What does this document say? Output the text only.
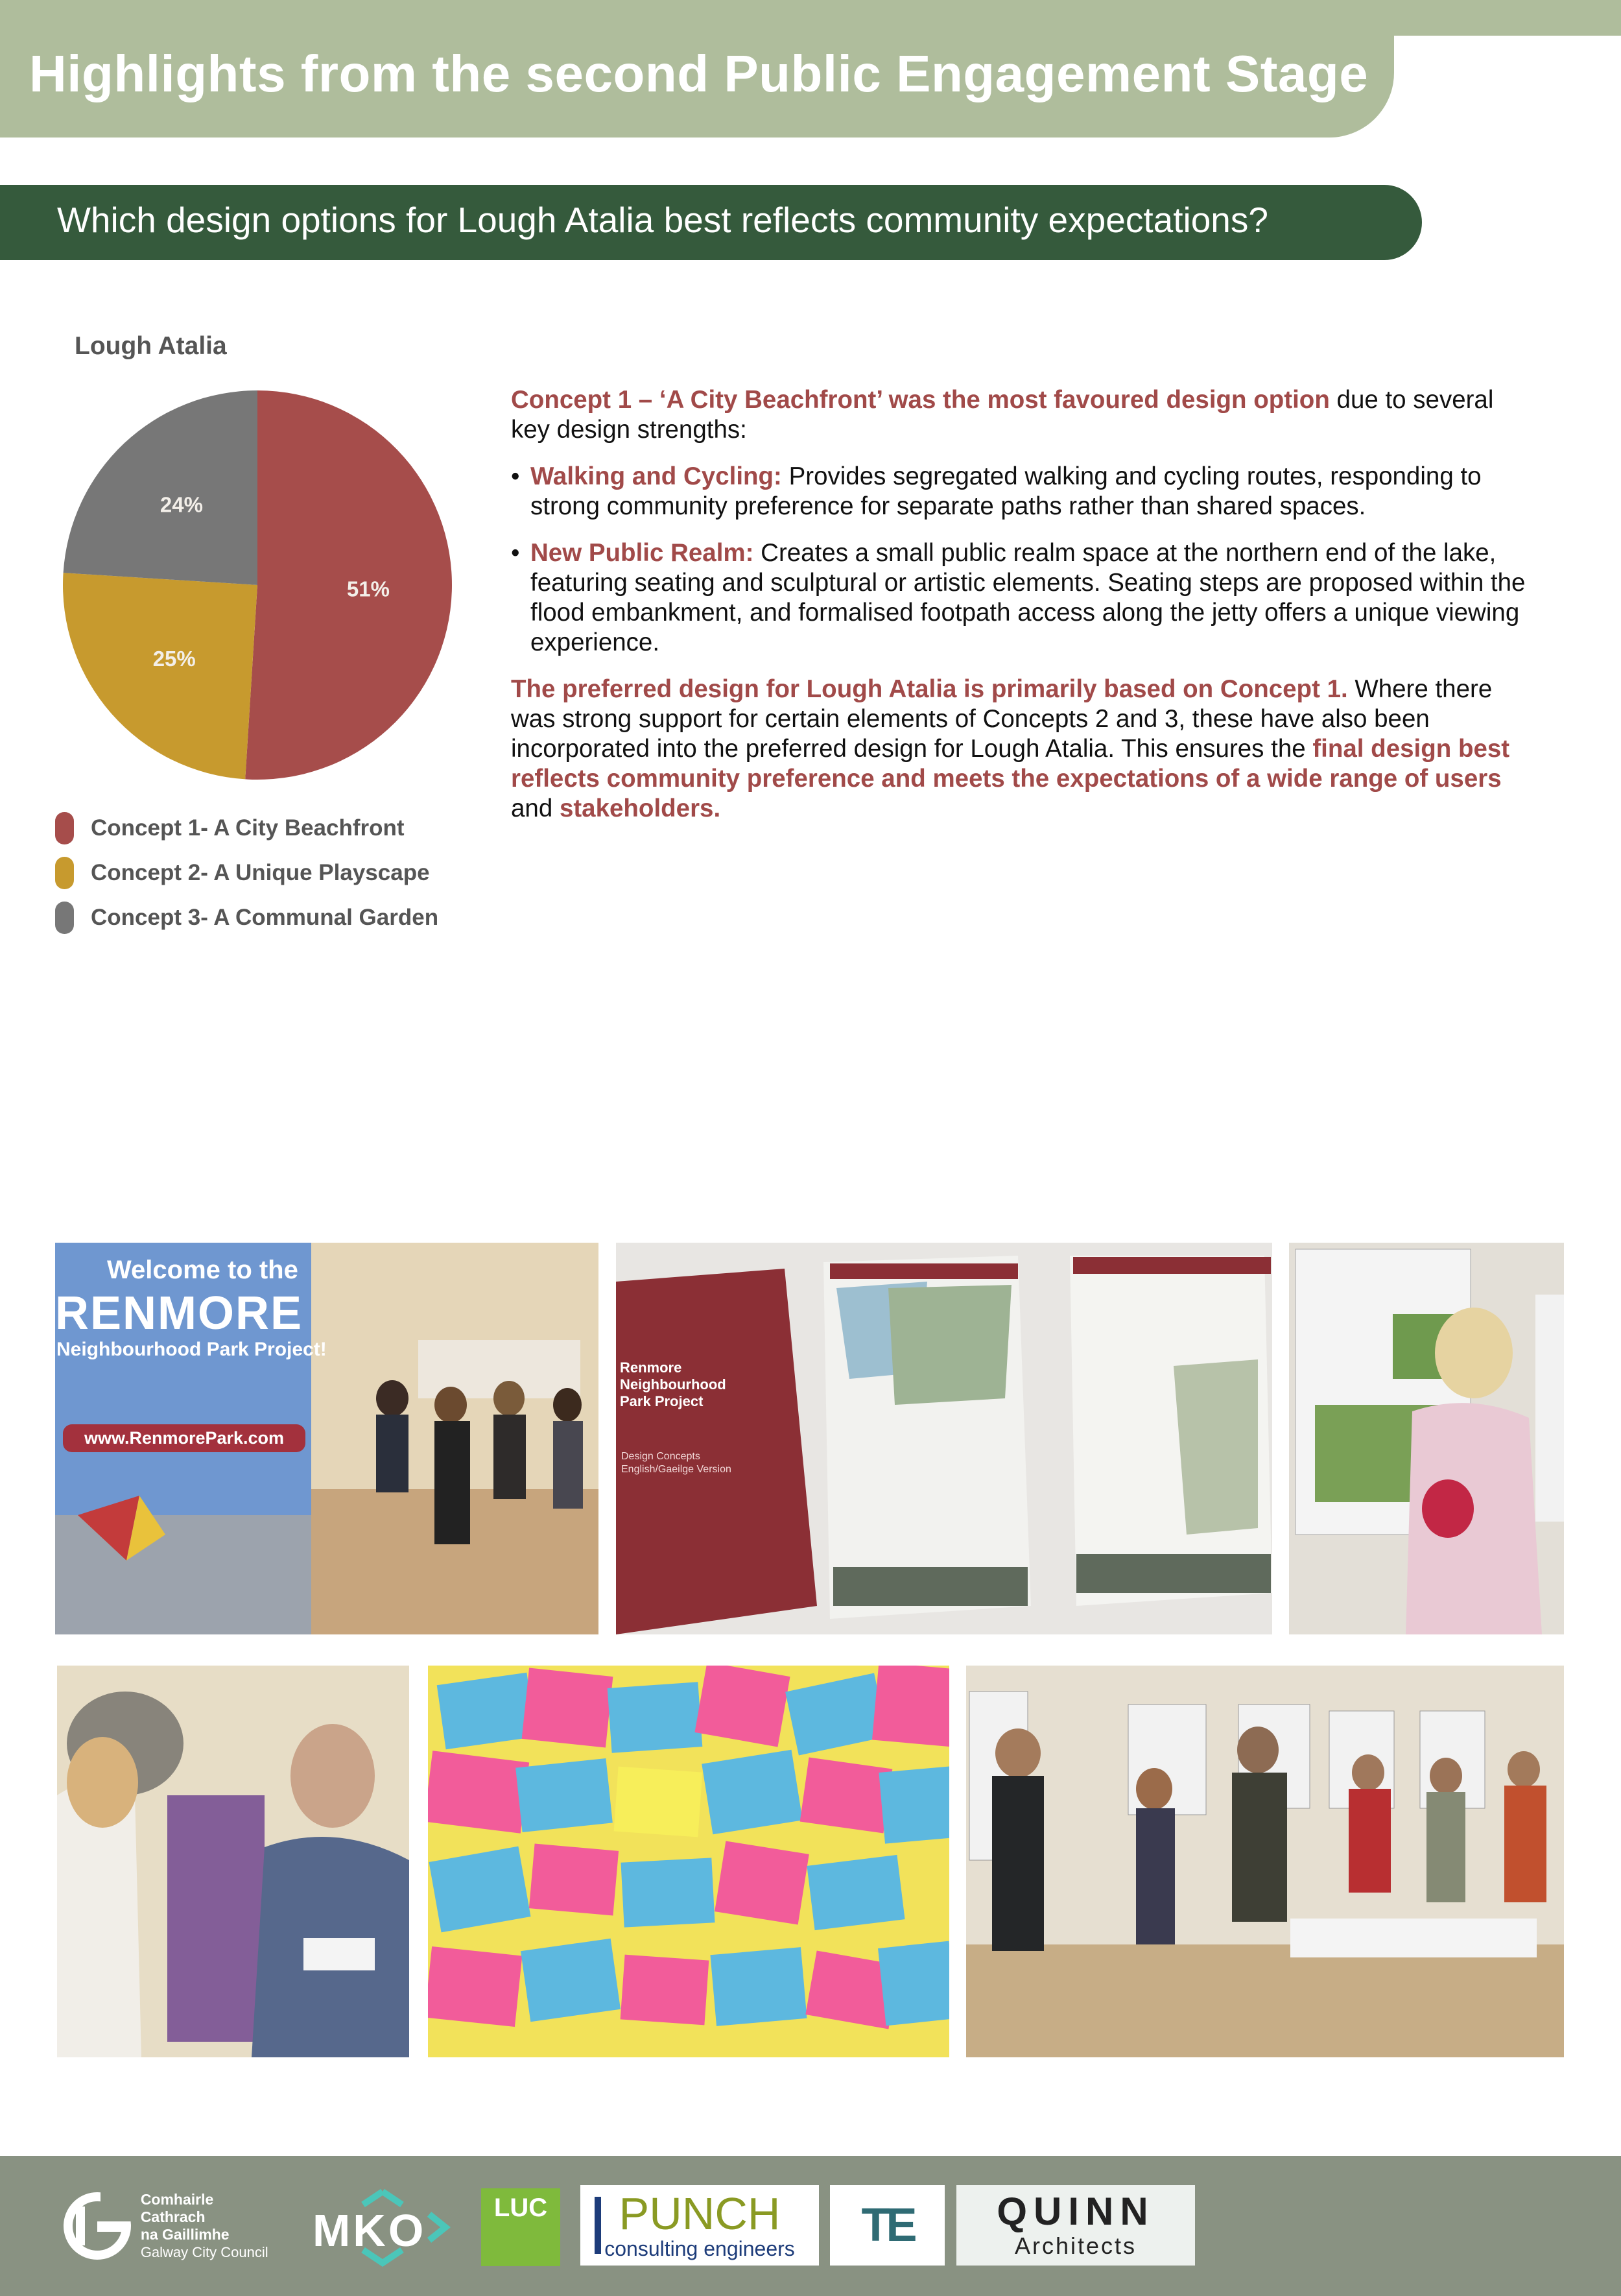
Highlights from the second Public Engagement Stage
Which design options for Lough Atalia best reflects community expectations?
Lough Atalia
51%
25%
24%
Concept 1- A City Beachfront
Concept 2- A Unique Playscape
Concept 3- A Communal Garden

Concept 1 – ‘A City Beachfront’ was the most favoured design option due to several key design strengths:

• Walking and Cycling: Provides segregated walking and cycling routes, responding to strong community preference for separate paths rather than shared spaces.
• New Public Realm: Creates a small public realm space at the northern end of the lake, featuring seating and sculptural or artistic elements. Seating steps are proposed within the flood embankment, and formalised footpath access along the jetty offers a unique viewing experience.

The preferred design for Lough Atalia is primarily based on Concept 1. Where there was strong support for certain elements of Concepts 2 and 3, these have also been incorporated into the preferred design for Lough Atalia. This ensures the final design best reflects community preference and meets the expectations of a wide range of users and stakeholders.

Welcome to the
RENMORE
Neighbourhood Park Project!
www.RenmorePark.com
Renmore Neighbourhood Park Project
Design Concepts English/Gaeilge Version
Comhairle Cathrach
na Gaillimhe
Galway City Council MKO	LUC	PUNCH
consulting engineers TE QUINN
Architects
